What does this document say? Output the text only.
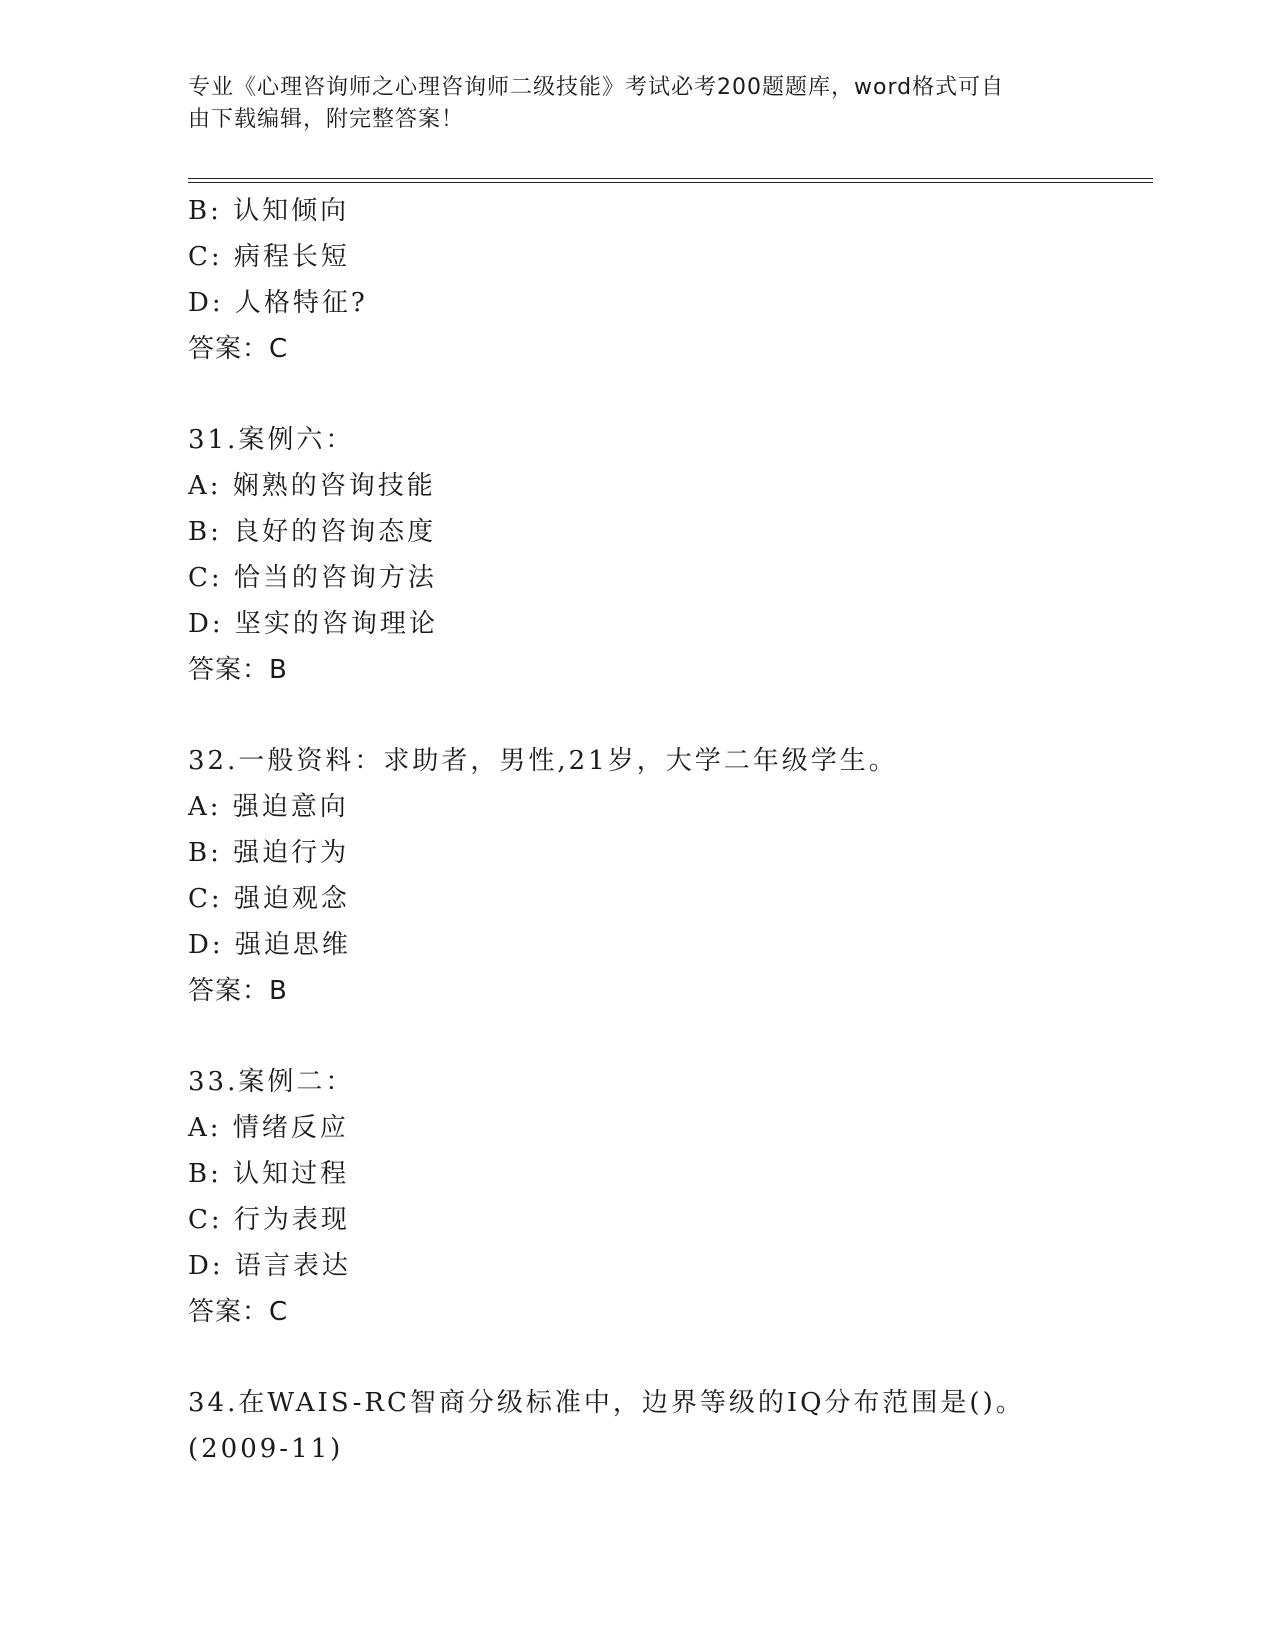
专业《心理咨询师之心理咨询师二级技能》考试必考200题题库，word格式可自
由下载编辑，附完整答案！
B: 认知倾向
C: 病程长短
D: 人格特征?
答案：C
31.案例六：
A: 娴熟的咨询技能
B: 良好的咨询态度
C: 恰当的咨询方法
D: 坚实的咨询理论
答案：B
32.一般资料：求助者，男性,21岁，大学二年级学生。
A: 强迫意向
B: 强迫行为
C: 强迫观念
D: 强迫思维
答案：B
33.案例二：
A: 情绪反应
B: 认知过程
C: 行为表现
D: 语言表达
答案：C
34.在WAIS-RC智商分级标准中，边界等级的IQ分布范围是()。
(2009-11)
